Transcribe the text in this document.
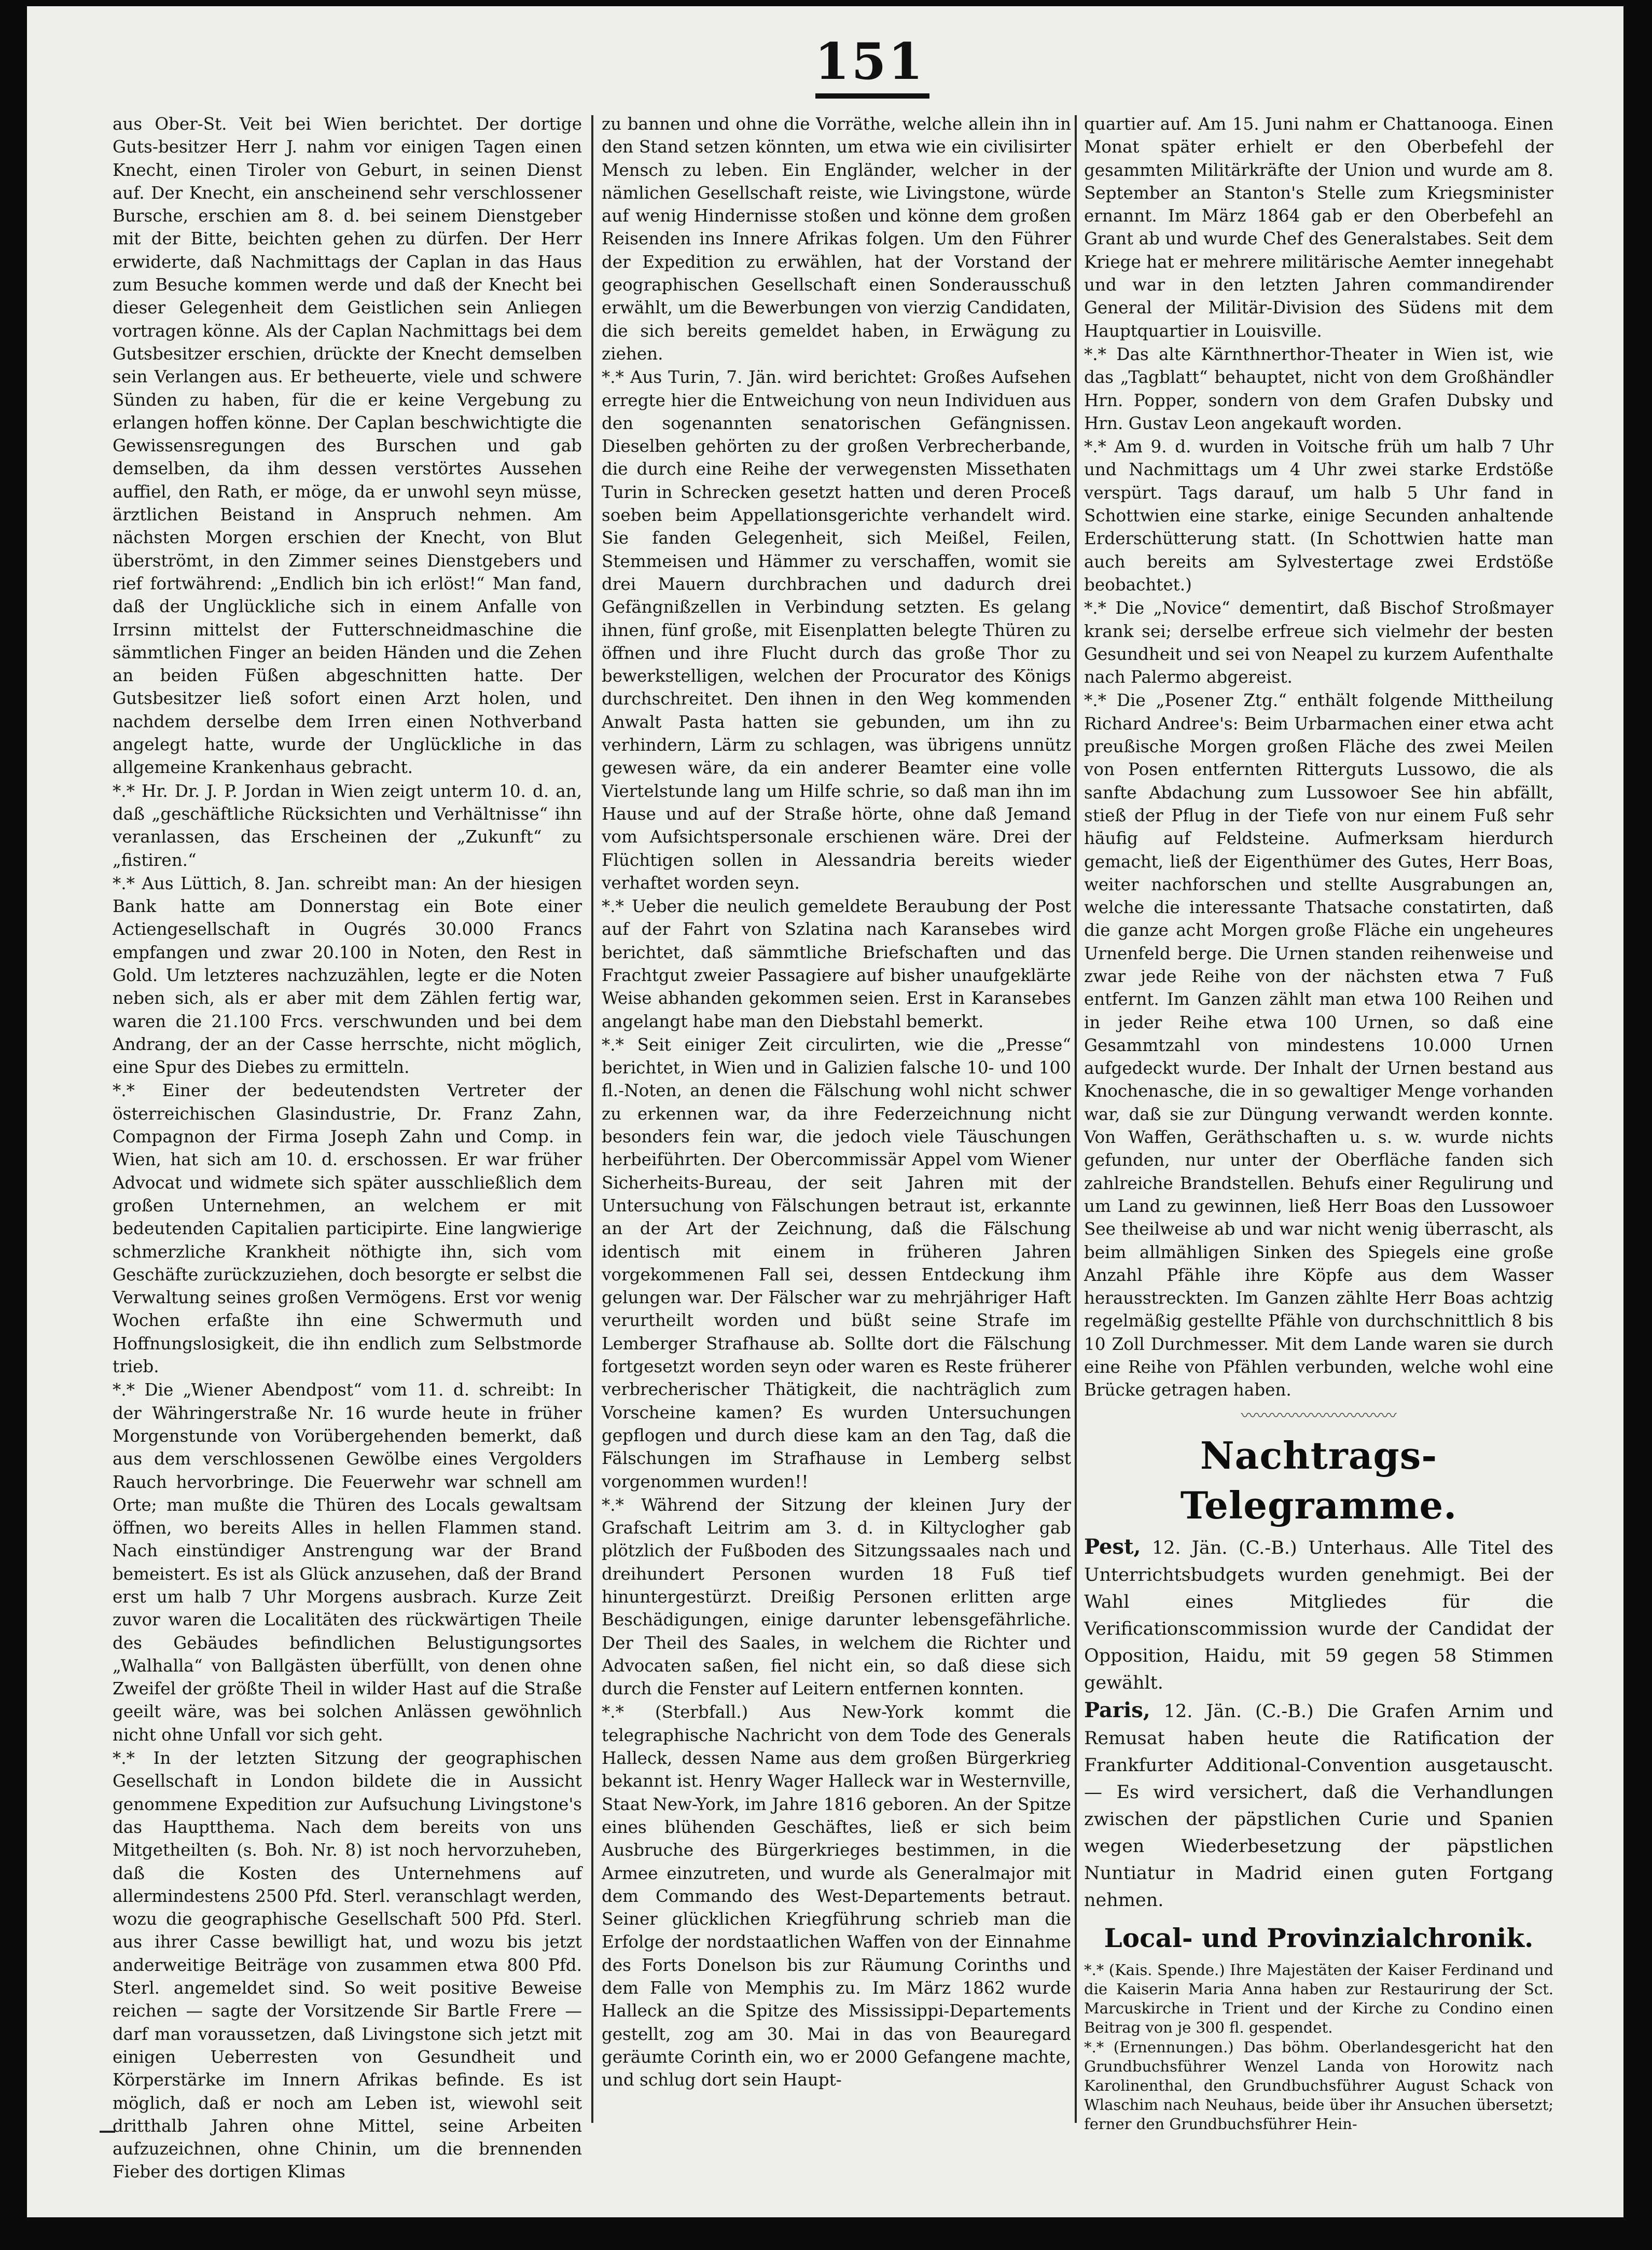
151

aus Ober-St. Veit bei Wien berichtet. Der dortige Guts-besitzer Herr J. nahm vor einigen Tagen einen Knecht, einen Tiroler von Geburt, in seinen Dienst auf. Der Knecht, ein anscheinend sehr verschlossener Bursche, erschien am 8. d. bei seinem Dienstgeber mit der Bitte, beichten gehen zu dürfen. Der Herr erwiderte, daß Nachmittags der Caplan in das Haus zum Besuche kommen werde und daß der Knecht bei dieser Gelegenheit dem Geistlichen sein Anliegen vortragen könne. Als der Caplan Nachmittags bei dem Gutsbesitzer erschien, drückte der Knecht demselben sein Verlangen aus. Er betheuerte, viele und schwere Sünden zu haben, für die er keine Vergebung zu erlangen hoffen könne. Der Caplan beschwichtigte die Gewissensregungen des Burschen und gab demselben, da ihm dessen verstörtes Aussehen auffiel, den Rath, er möge, da er unwohl seyn müsse, ärztlichen Beistand in Anspruch nehmen. Am nächsten Morgen erschien der Knecht, von Blut überströmt, in den Zimmer seines Dienstgebers und rief fortwährend: „Endlich bin ich erlöst!“ Man fand, daß der Unglückliche sich in einem Anfalle von Irrsinn mittelst der Futterschneidmaschine die sämmtlichen Finger an beiden Händen und die Zehen an beiden Füßen abgeschnitten hatte. Der Gutsbesitzer ließ sofort einen Arzt holen, und nachdem derselbe dem Irren einen Nothverband angelegt hatte, wurde der Unglückliche in das allgemeine Krankenhaus gebracht.

*.* Hr. Dr. J. P. Jordan in Wien zeigt unterm 10. d. an, daß „geschäftliche Rücksichten und Verhältnisse“ ihn veranlassen, das Erscheinen der „Zukunft“ zu „fistiren.“

*.* Aus Lüttich, 8. Jan. schreibt man: An der hiesigen Bank hatte am Donnerstag ein Bote einer Actiengesellschaft in Ougrés 30.000 Francs empfangen und zwar 20.100 in Noten, den Rest in Gold. Um letzteres nachzuzählen, legte er die Noten neben sich, als er aber mit dem Zählen fertig war, waren die 21.100 Frcs. verschwunden und bei dem Andrang, der an der Casse herrschte, nicht möglich, eine Spur des Diebes zu ermitteln.

*.* Einer der bedeutendsten Vertreter der österreichischen Glasindustrie, Dr. Franz Zahn, Compagnon der Firma Joseph Zahn und Comp. in Wien, hat sich am 10. d. erschossen. Er war früher Advocat und widmete sich später ausschließlich dem großen Unternehmen, an welchem er mit bedeutenden Capitalien participirte. Eine langwierige schmerzliche Krankheit nöthigte ihn, sich vom Geschäfte zurückzuziehen, doch besorgte er selbst die Verwaltung seines großen Vermögens. Erst vor wenig Wochen erfaßte ihn eine Schwermuth und Hoffnungslosigkeit, die ihn endlich zum Selbstmorde trieb.

*.* Die „Wiener Abendpost“ vom 11. d. schreibt: In der Währingerstraße Nr. 16 wurde heute in früher Morgenstunde von Vorübergehenden bemerkt, daß aus dem verschlossenen Gewölbe eines Vergolders Rauch hervorbringe. Die Feuerwehr war schnell am Orte; man mußte die Thüren des Locals gewaltsam öffnen, wo bereits Alles in hellen Flammen stand. Nach einstündiger Anstrengung war der Brand bemeistert. Es ist als Glück anzusehen, daß der Brand erst um halb 7 Uhr Morgens ausbrach. Kurze Zeit zuvor waren die Localitäten des rückwärtigen Theile des Gebäudes befindlichen Belustigungsortes „Walhalla“ von Ballgästen überfüllt, von denen ohne Zweifel der größte Theil in wilder Hast auf die Straße geeilt wäre, was bei solchen Anlässen gewöhnlich nicht ohne Unfall vor sich geht.

*.* In der letzten Sitzung der geographischen Gesellschaft in London bildete die in Aussicht genommene Expedition zur Aufsuchung Livingstone's das Hauptthema. Nach dem bereits von uns Mitgetheilten (s. Boh. Nr. 8) ist noch hervorzuheben, daß die Kosten des Unternehmens auf allermindestens 2500 Pfd. Sterl. veranschlagt werden, wozu die geographische Gesellschaft 500 Pfd. Sterl. aus ihrer Casse bewilligt hat, und wozu bis jetzt anderweitige Beiträge von zusammen etwa 800 Pfd. Sterl. angemeldet sind. So weit positive Beweise reichen — sagte der Vorsitzende Sir Bartle Frere — darf man voraussetzen, daß Livingstone sich jetzt mit einigen Ueberresten von Gesundheit und Körperstärke im Innern Afrikas befinde. Es ist möglich, daß er noch am Leben ist, wiewohl seit dritthalb Jahren ohne Mittel, seine Arbeiten aufzuzeichnen, ohne Chinin, um die brennenden Fieber des dortigen Klimas

zu bannen und ohne die Vorräthe, welche allein ihn in den Stand setzen könnten, um etwa wie ein civilisirter Mensch zu leben. Ein Engländer, welcher in der nämlichen Gesellschaft reiste, wie Livingstone, würde auf wenig Hindernisse stoßen und könne dem großen Reisenden ins Innere Afrikas folgen. Um den Führer der Expedition zu erwählen, hat der Vorstand der geographischen Gesellschaft einen Sonderausschuß erwählt, um die Bewerbungen von vierzig Candidaten, die sich bereits gemeldet haben, in Erwägung zu ziehen.

*.* Aus Turin, 7. Jän. wird berichtet: Großes Aufsehen erregte hier die Entweichung von neun Individuen aus den sogenannten senatorischen Gefängnissen. Dieselben gehörten zu der großen Verbrecherbande, die durch eine Reihe der verwegensten Missethaten Turin in Schrecken gesetzt hatten und deren Proceß soeben beim Appellationsgerichte verhandelt wird. Sie fanden Gelegenheit, sich Meißel, Feilen, Stemmeisen und Hämmer zu verschaffen, womit sie drei Mauern durchbrachen und dadurch drei Gefängnißzellen in Verbindung setzten. Es gelang ihnen, fünf große, mit Eisenplatten belegte Thüren zu öffnen und ihre Flucht durch das große Thor zu bewerkstelligen, welchen der Procurator des Königs durchschreitet. Den ihnen in den Weg kommenden Anwalt Pasta hatten sie gebunden, um ihn zu verhindern, Lärm zu schlagen, was übrigens unnütz gewesen wäre, da ein anderer Beamter eine volle Viertelstunde lang um Hilfe schrie, so daß man ihn im Hause und auf der Straße hörte, ohne daß Jemand vom Aufsichtspersonale erschienen wäre. Drei der Flüchtigen sollen in Alessandria bereits wieder verhaftet worden seyn.

*.* Ueber die neulich gemeldete Beraubung der Post auf der Fahrt von Szlatina nach Karansebes wird berichtet, daß sämmtliche Briefschaften und das Frachtgut zweier Passagiere auf bisher unaufgeklärte Weise abhanden gekommen seien. Erst in Karansebes angelangt habe man den Diebstahl bemerkt.

*.* Seit einiger Zeit circulirten, wie die „Presse“ berichtet, in Wien und in Galizien falsche 10- und 100 fl.-Noten, an denen die Fälschung wohl nicht schwer zu erkennen war, da ihre Federzeichnung nicht besonders fein war, die jedoch viele Täuschungen herbeiführten. Der Obercommissär Appel vom Wiener Sicherheits-Bureau, der seit Jahren mit der Untersuchung von Fälschungen betraut ist, erkannte an der Art der Zeichnung, daß die Fälschung identisch mit einem in früheren Jahren vorgekommenen Fall sei, dessen Entdeckung ihm gelungen war. Der Fälscher war zu mehrjähriger Haft verurtheilt worden und büßt seine Strafe im Lemberger Strafhause ab. Sollte dort die Fälschung fortgesetzt worden seyn oder waren es Reste früherer verbrecherischer Thätigkeit, die nachträglich zum Vorscheine kamen? Es wurden Untersuchungen gepflogen und durch diese kam an den Tag, daß die Fälschungen im Strafhause in Lemberg selbst vorgenommen wurden!!

*.* Während der Sitzung der kleinen Jury der Grafschaft Leitrim am 3. d. in Kiltyclogher gab plötzlich der Fußboden des Sitzungssaales nach und dreihundert Personen wurden 18 Fuß tief hinuntergestürzt. Dreißig Personen erlitten arge Beschädigungen, einige darunter lebensgefährliche. Der Theil des Saales, in welchem die Richter und Advocaten saßen, fiel nicht ein, so daß diese sich durch die Fenster auf Leitern entfernen konnten.

*.* (Sterbfall.) Aus New-York kommt die telegraphische Nachricht von dem Tode des Generals Halleck, dessen Name aus dem großen Bürgerkrieg bekannt ist. Henry Wager Halleck war in Westernville, Staat New-York, im Jahre 1816 geboren. An der Spitze eines blühenden Geschäftes, ließ er sich beim Ausbruche des Bürgerkrieges bestimmen, in die Armee einzutreten, und wurde als Generalmajor mit dem Commando des West-Departements betraut. Seiner glücklichen Kriegführung schrieb man die Erfolge der nordstaatlichen Waffen von der Einnahme des Forts Donelson bis zur Räumung Corinths und dem Falle von Memphis zu. Im März 1862 wurde Halleck an die Spitze des Mississippi-Departements gestellt, zog am 30. Mai in das von Beauregard geräumte Corinth ein, wo er 2000 Gefangene machte, und schlug dort sein Haupt-

quartier auf. Am 15. Juni nahm er Chattanooga. Einen Monat später erhielt er den Oberbefehl der gesammten Militärkräfte der Union und wurde am 8. September an Stanton's Stelle zum Kriegsminister ernannt. Im März 1864 gab er den Oberbefehl an Grant ab und wurde Chef des Generalstabes. Seit dem Kriege hat er mehrere militärische Aemter innegehabt und war in den letzten Jahren commandirender General der Militär-Division des Südens mit dem Hauptquartier in Louisville.

*.* Das alte Kärnthnerthor-Theater in Wien ist, wie das „Tagblatt“ behauptet, nicht von dem Großhändler Hrn. Popper, sondern von dem Grafen Dubsky und Hrn. Gustav Leon angekauft worden.

*.* Am 9. d. wurden in Voitsche früh um halb 7 Uhr und Nachmittags um 4 Uhr zwei starke Erdstöße verspürt. Tags darauf, um halb 5 Uhr fand in Schottwien eine starke, einige Secunden anhaltende Erderschütterung statt. (In Schottwien hatte man auch bereits am Sylvestertage zwei Erdstöße beobachtet.)

*.* Die „Novice“ dementirt, daß Bischof Stroßmayer krank sei; derselbe erfreue sich vielmehr der besten Gesundheit und sei von Neapel zu kurzem Aufenthalte nach Palermo abgereist.

*.* Die „Posener Ztg.“ enthält folgende Mittheilung Richard Andree's: Beim Urbarmachen einer etwa acht preußische Morgen großen Fläche des zwei Meilen von Posen entfernten Ritterguts Lussowo, die als sanfte Abdachung zum Lussowoer See hin abfällt, stieß der Pflug in der Tiefe von nur einem Fuß sehr häufig auf Feldsteine. Aufmerksam hierdurch gemacht, ließ der Eigenthümer des Gutes, Herr Boas, weiter nachforschen und stellte Ausgrabungen an, welche die interessante Thatsache constatirten, daß die ganze acht Morgen große Fläche ein ungeheures Urnenfeld berge. Die Urnen standen reihenweise und zwar jede Reihe von der nächsten etwa 7 Fuß entfernt. Im Ganzen zählt man etwa 100 Reihen und in jeder Reihe etwa 100 Urnen, so daß eine Gesammtzahl von mindestens 10.000 Urnen aufgedeckt wurde. Der Inhalt der Urnen bestand aus Knochenasche, die in so gewaltiger Menge vorhanden war, daß sie zur Düngung verwandt werden konnte. Von Waffen, Geräthschaften u. s. w. wurde nichts gefunden, nur unter der Oberfläche fanden sich zahlreiche Brandstellen. Behufs einer Regulirung und um Land zu gewinnen, ließ Herr Boas den Lussowoer See theilweise ab und war nicht wenig überrascht, als beim allmähligen Sinken des Spiegels eine große Anzahl Pfähle ihre Köpfe aus dem Wasser herausstreckten. Im Ganzen zählte Herr Boas achtzig regelmäßig gestellte Pfähle von durchschnittlich 8 bis 10 Zoll Durchmesser. Mit dem Lande waren sie durch eine Reihe von Pfählen verbunden, welche wohl eine Brücke getragen haben.

〰〰〰〰〰〰〰〰〰〰
Nachtrags-Telegramme.

Pest, 12. Jän. (C.-B.) Unterhaus. Alle Titel des Unterrichtsbudgets wurden genehmigt. Bei der Wahl eines Mitgliedes für die Verificationscommission wurde der Candidat der Opposition, Haidu, mit 59 gegen 58 Stimmen gewählt.

Paris, 12. Jän. (C.-B.) Die Grafen Arnim und Remusat haben heute die Ratification der Frankfurter Additional-Convention ausgetauscht. — Es wird versichert, daß die Verhandlungen zwischen der päpstlichen Curie und Spanien wegen Wiederbesetzung der päpstlichen Nuntiatur in Madrid einen guten Fortgang nehmen.

Local- und Provinzialchronik.

*.* (Kais. Spende.) Ihre Majestäten der Kaiser Ferdinand und die Kaiserin Maria Anna haben zur Restaurirung der Sct. Marcuskirche in Trient und der Kirche zu Condino einen Beitrag von je 300 fl. gespendet.

*.* (Ernennungen.) Das böhm. Oberlandesgericht hat den Grundbuchsführer Wenzel Landa von Horowitz nach Karolinenthal, den Grundbuchsführer August Schack von Wlaschim nach Neuhaus, beide über ihr Ansuchen übersetzt; ferner den Grundbuchsführer Hein-
